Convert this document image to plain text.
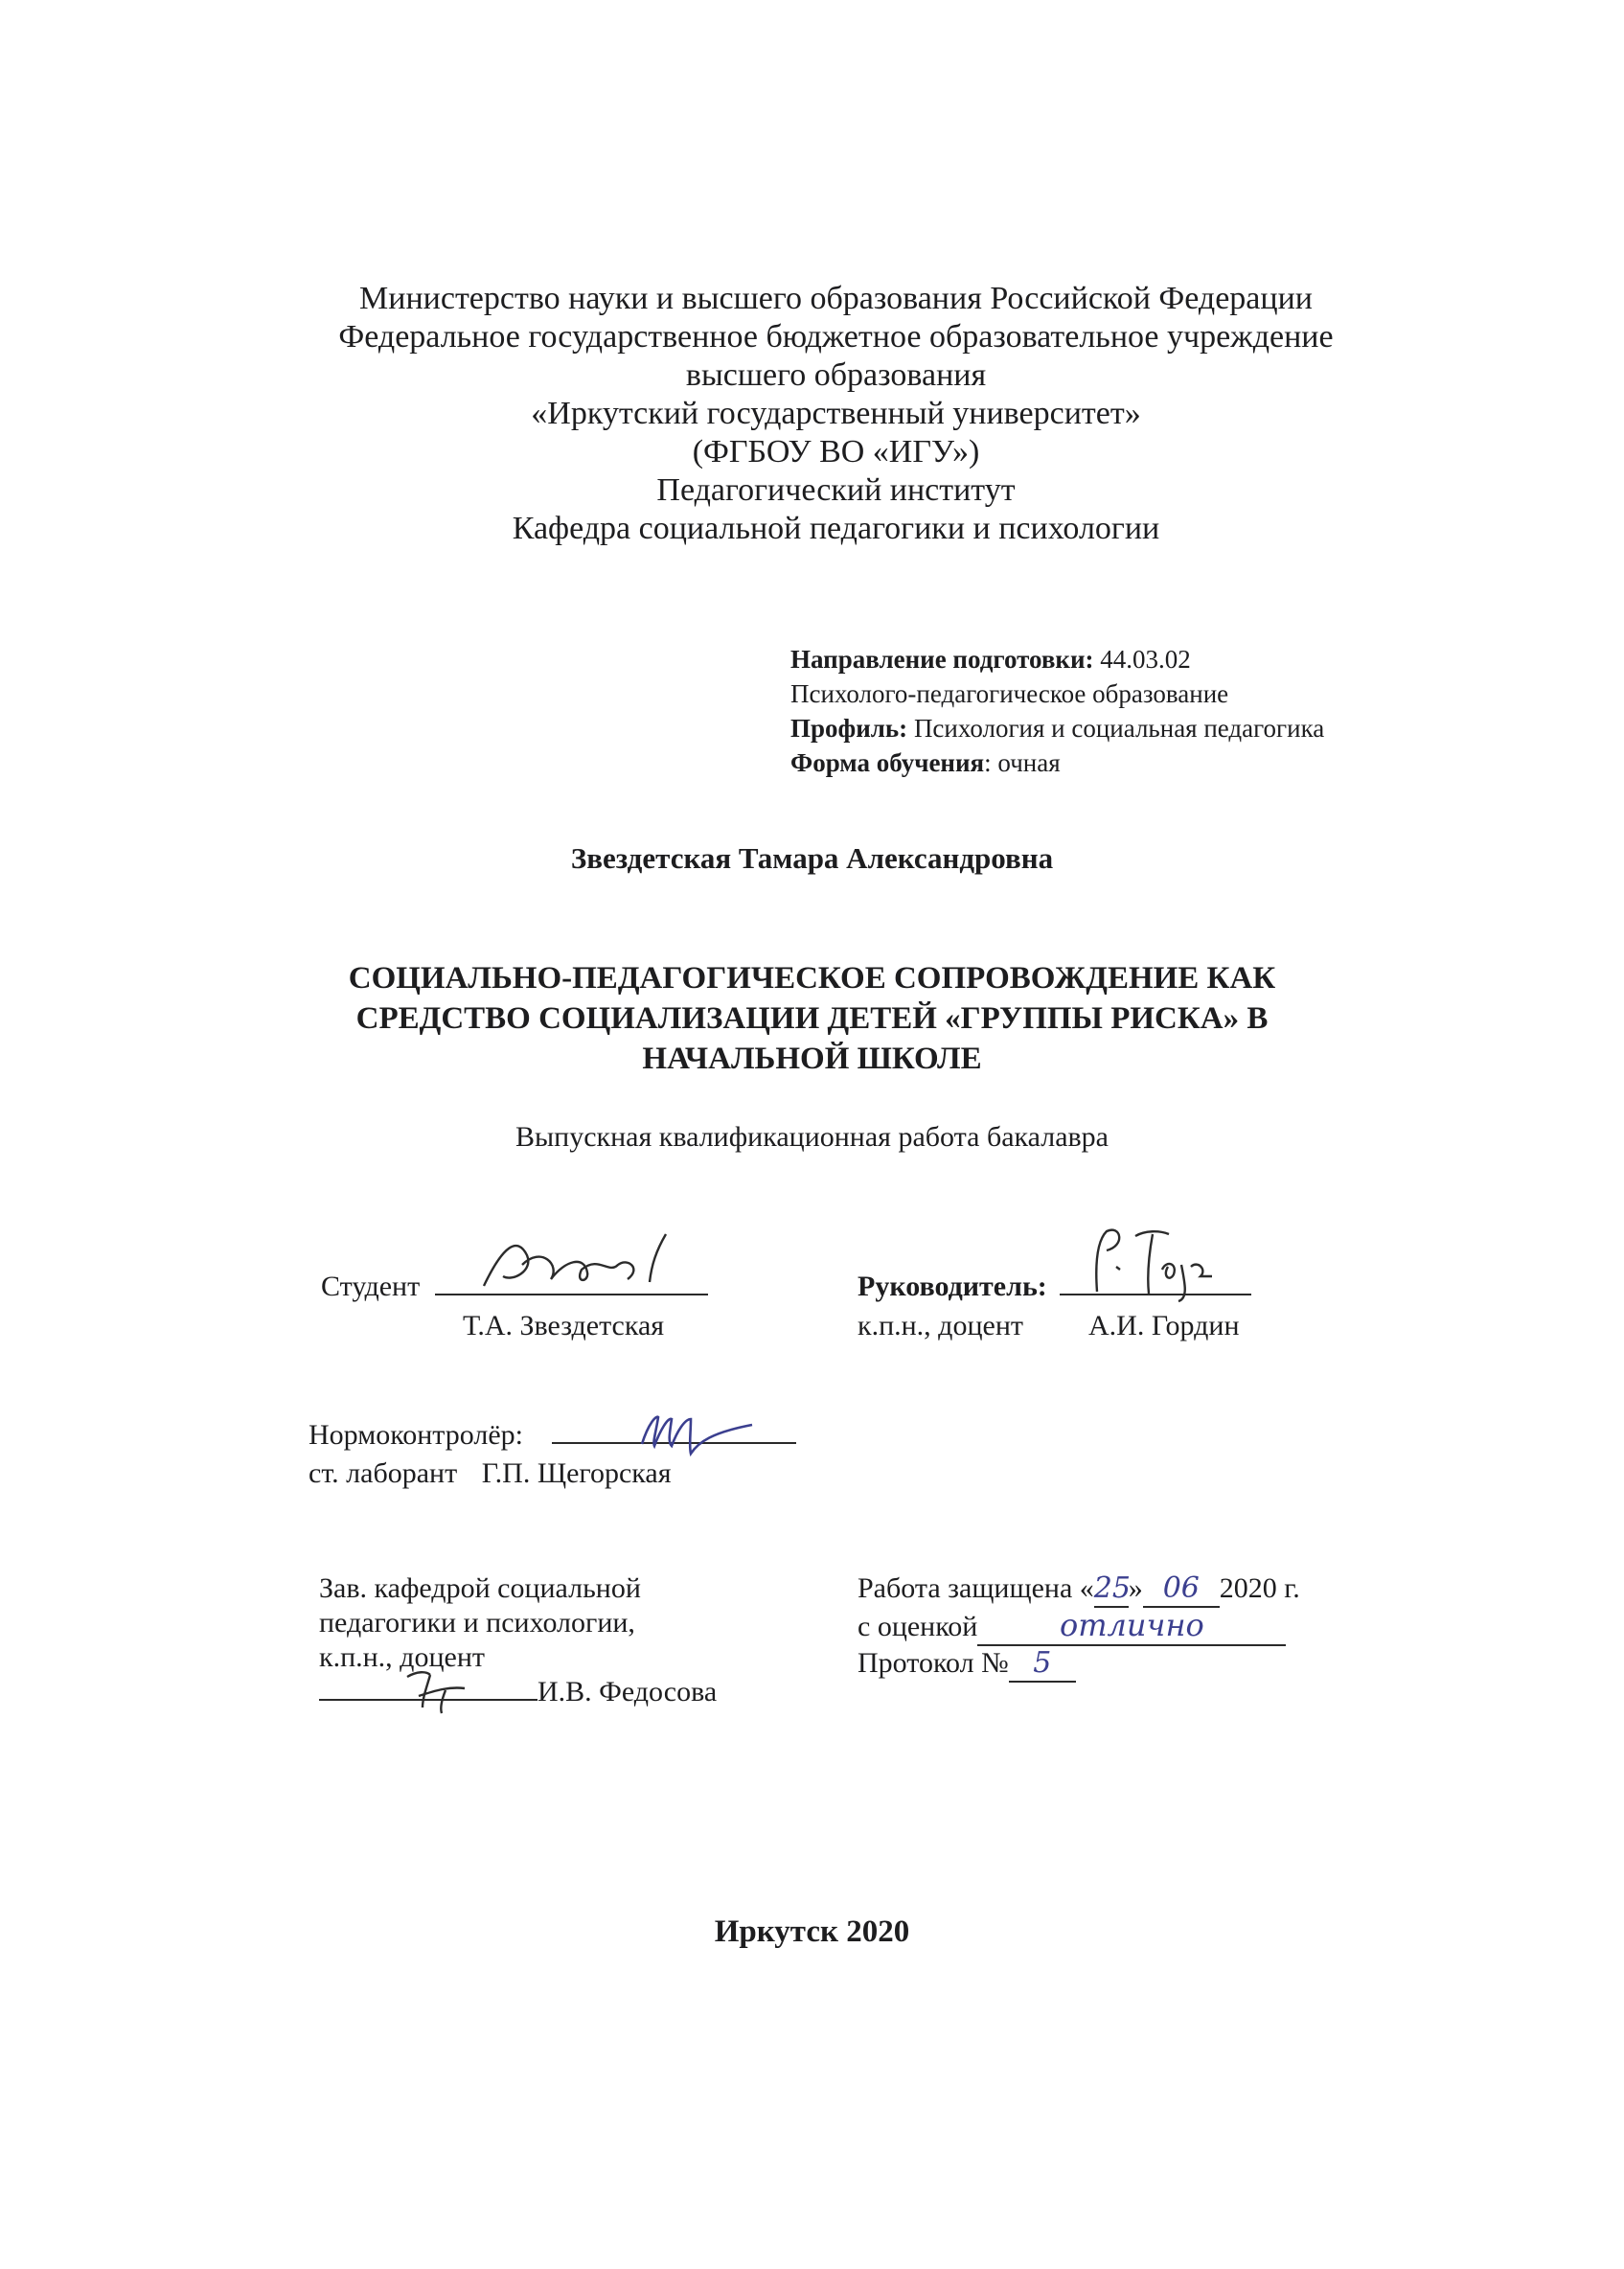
Министерство науки и высшего образования Российской Федерации
Федеральное государственное бюджетное образовательное учреждение
высшего образования
«Иркутский государственный университет»
(ФГБОУ ВО «ИГУ»)
Педагогический институт
Кафедра социальной педагогики и психологии
Направление подготовки: 44.03.02
Психолого-педагогическое образование
Профиль: Психология и социальная педагогика
Форма обучения: очная
Звездетская Тамара Александровна
СОЦИАЛЬНО-ПЕДАГОГИЧЕСКОЕ СОПРОВОЖДЕНИЕ КАК
СРЕДСТВО СОЦИАЛИЗАЦИИ ДЕТЕЙ «ГРУППЫ РИСКА» В
НАЧАЛЬНОЙ ШКОЛЕ
Выпускная квалификационная работа бакалавра
Студент
Т.А. Звездетская
Руководитель:
к.п.н., доцент А.И. Гордин
Нормоконтролёр:
ст. лаборант Г.П. Щегорская
Зав. кафедрой социальной
педагогики и психологии,
к.п.н., доцент
И.В. Федосова
Работа защищена «25» 06 2020 г.
с оценкой	отлично
Протокол № 5
Иркутск 2020
